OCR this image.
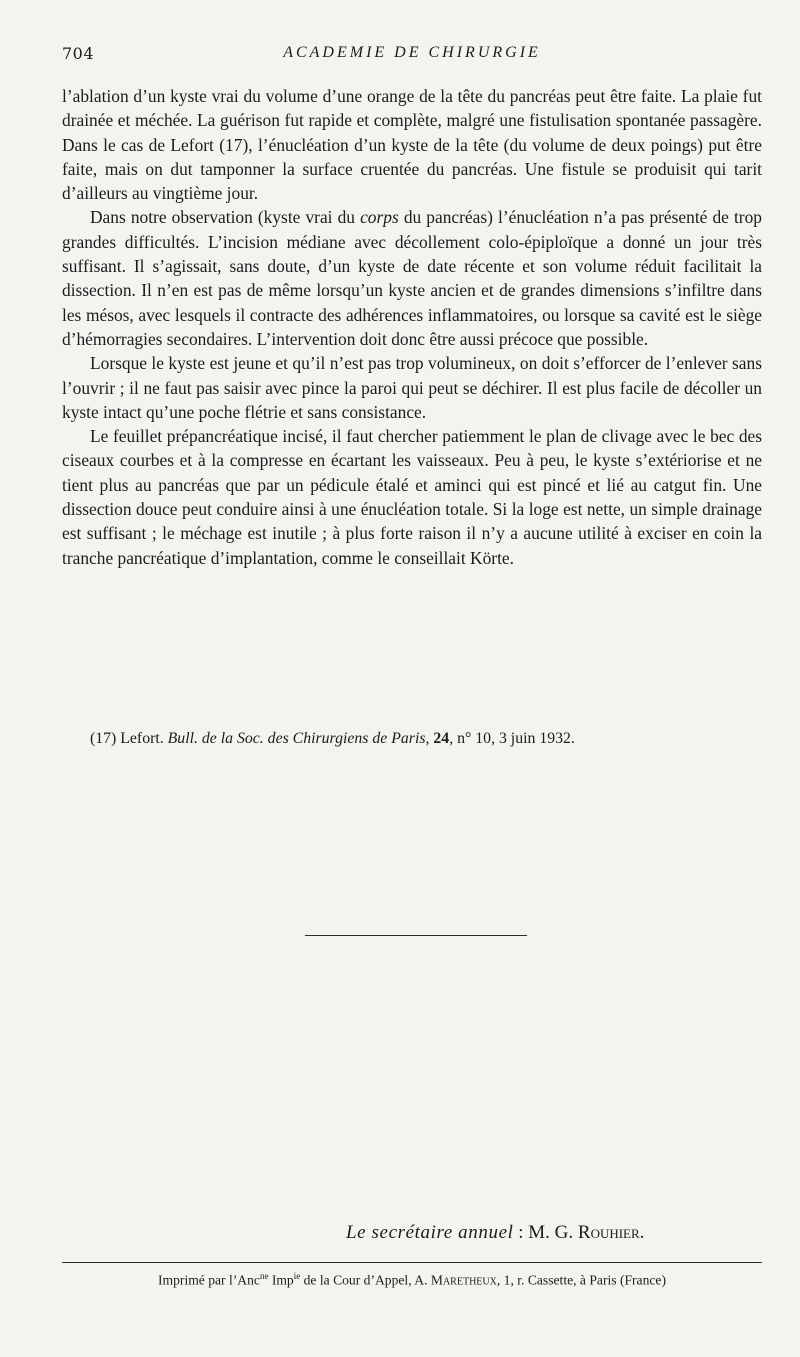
704	ACADEMIE DE CHIRURGIE

l’ablation d’un kyste vrai du volume d’une orange de la tête du pancréas peut être faite. La plaie fut drainée et méchée. La guérison fut rapide et complète, malgré une fistulisation spontanée passagère. Dans le cas de Lefort (17), l’énucléation d’un kyste de la tête (du volume de deux poings) put être faite, mais on dut tamponner la surface cruentée du pancréas. Une fistule se produisit qui tarit d’ailleurs au vingtième jour.

Dans notre observation (kyste vrai du corps du pancréas) l’énucléation n’a pas présenté de trop grandes difficultés. L’incision médiane avec décollement colo-épiploïque a donné un jour très suffisant. Il s’agissait, sans doute, d’un kyste de date récente et son volume réduit facilitait la dissection. Il n’en est pas de même lorsqu’un kyste ancien et de grandes dimensions s’infiltre dans les mésos, avec lesquels il contracte des adhérences inflammatoires, ou lorsque sa cavité est le siège d’hémorragies secondaires. L’intervention doit donc être aussi précoce que possible.

Lorsque le kyste est jeune et qu’il n’est pas trop volumineux, on doit s’efforcer de l’enlever sans l’ouvrir ; il ne faut pas saisir avec pince la paroi qui peut se déchirer. Il est plus facile de décoller un kyste intact qu’une poche flétrie et sans consistance.

Le feuillet prépancréatique incisé, il faut chercher patiemment le plan de clivage avec le bec des ciseaux courbes et à la compresse en écartant les vaisseaux. Peu à peu, le kyste s’extériorise et ne tient plus au pancréas que par un pédicule étalé et aminci qui est pincé et lié au catgut fin. Une dissection douce peut conduire ainsi à une énucléation totale. Si la loge est nette, un simple drainage est suffisant ; le méchage est inutile ; à plus forte raison il n’y a aucune utilité à exciser en coin la tranche pancréatique d’implantation, comme le conseillait Körte.

(17) Lefort. Bull. de la Soc. des Chirurgiens de Paris, 24, n° 10, 3 juin 1932.
Le secrétaire annuel : M. G. Rouhier.
Imprimé par l’Anc$^{ne}$ Imp$^{ie}$ de la Cour d’Appel, A. Maretheux, 1, r. Cassette, à Paris (France)
